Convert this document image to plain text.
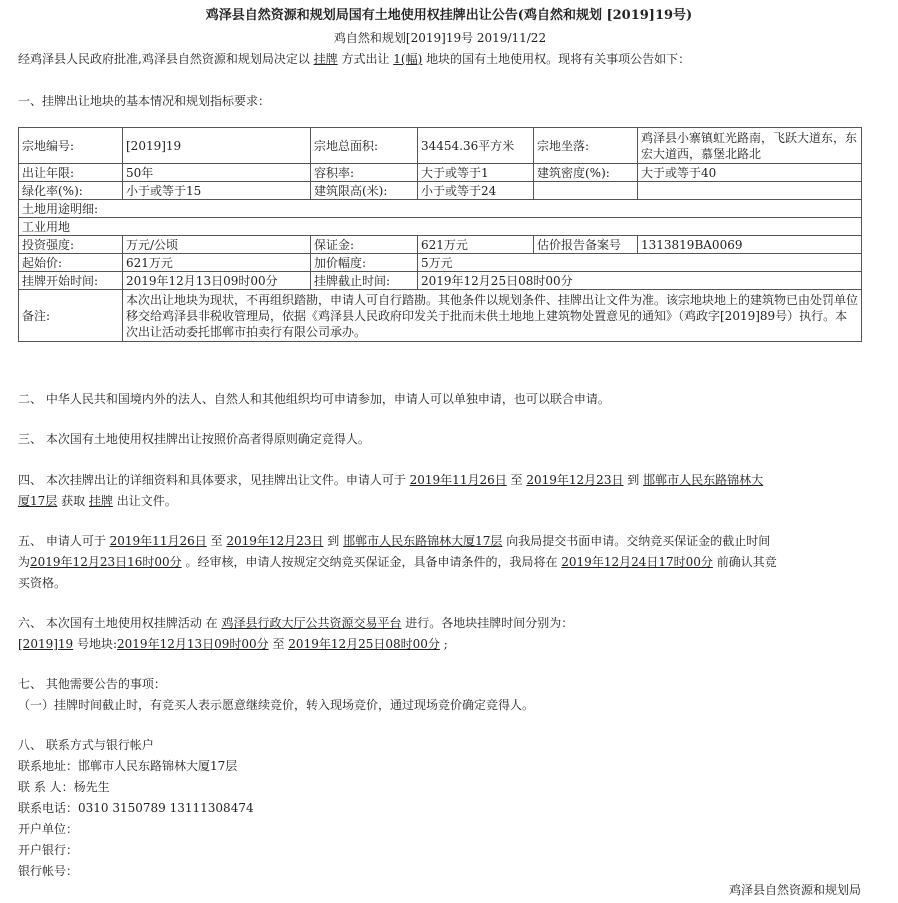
鸡泽县自然资源和规划局国有土地使用权挂牌出让公告(鸡自然和规划 [2019]19号)
鸡自然和规划[2019]19号 2019/11/22
经鸡泽县人民政府批准,鸡泽县自然资源和规划局决定以 挂牌 方式出让 1(幅) 地块的国有土地使用权。现将有关事项公告如下：
一、挂牌出让地块的基本情况和规划指标要求：
宗地编号:	[2019]19	宗地总面积:	34454.36平方米	宗地坐落:	鸡泽县小寨镇虹光路南，飞跃大道东，东宏大道西，慕堡北路北
出让年限:	50年	容积率:	大于或等于1	建筑密度(%):	大于或等于40
绿化率(%):	小于或等于15	建筑限高(米):	小于或等于24		
土地用途明细:					
工业用地					
投资强度:	万元/公顷	保证金:	621万元	估价报告备案号	1313819BA0069
起始价:	621万元	加价幅度:	5万元		
挂牌开始时间:	2019年12月13日09时00分	挂牌截止时间:	2019年12月25日08时00分		
备注:	本次出让地块为现状，不再组织踏勘，申请人可自行踏勘。其他条件以规划条件、挂牌出让文件为准。该宗地块地上的建筑物已由处罚单位移交给鸡泽县非税收管理局，依据《鸡泽县人民政府印发关于批而未供土地地上建筑物处置意见的通知》（鸡政字[2019]89号）执行。本次出让活动委托邯郸市拍卖行有限公司承办。				
二、 中华人民共和国境内外的法人、自然人和其他组织均可申请参加，申请人可以单独申请，也可以联合申请。
三、 本次国有土地使用权挂牌出让按照价高者得原则确定竞得人。
四、 本次挂牌出让的详细资料和具体要求，见挂牌出让文件。申请人可于 2019年11月26日 至 2019年12月23日 到 邯郸市人民东路锦林大
厦17层 获取 挂牌 出让文件。
五、 申请人可于 2019年11月26日 至 2019年12月23日 到 邯郸市人民东路锦林大厦17层 向我局提交书面申请。交纳竞买保证金的截止时间
为2019年12月23日16时00分 。经审核，申请人按规定交纳竞买保证金，具备申请条件的，我局将在 2019年12月24日17时00分 前确认其竞
买资格。
六、 本次国有土地使用权挂牌活动 在 鸡泽县行政大厅公共资源交易平台 进行。各地块挂牌时间分别为：
[2019]19 号地块:2019年12月13日09时00分 至 2019年12月25日08时00分 ;
七、 其他需要公告的事项：
（一）挂牌时间截止时，有竞买人表示愿意继续竞价，转入现场竞价，通过现场竞价确定竞得人。
八、 联系方式与银行帐户
联系地址：邯郸市人民东路锦林大厦17层
联 系 人：杨先生
联系电话：0310 3150789 13111308474
开户单位：
开户银行：
银行帐号：
鸡泽县自然资源和规划局
